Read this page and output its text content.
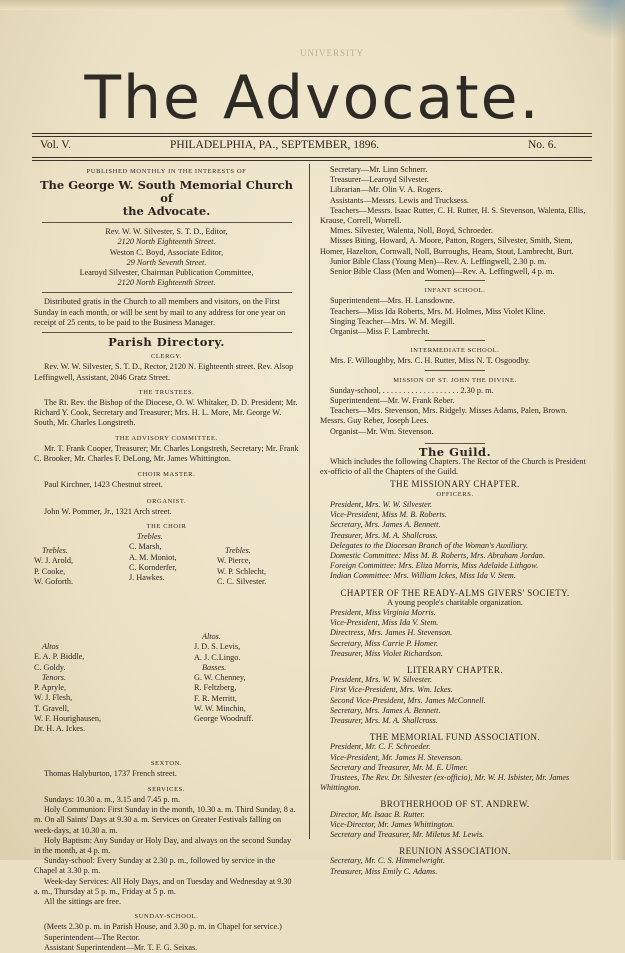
UNIVERSITY
The Advocate.
Vol. V.	PHILADELPHIA, PA., SEPTEMBER, 1896.	No. 6.
PUBLISHED MONTHLY IN THE INTERESTS OF
The George W. South Memorial Church of
the Advocate.
Rev. W. W. Silvester, S. T. D., Editor,
2120 North Eighteenth Street.
Weston C. Boyd, Associate Editor,
29 North Seventh Street.
Learoyd Silvester, Chairman Publication Committee,
2120 North Eighteenth Street.

Distributed gratis in the Church to all members and visitors, on the First Sunday in each month, or will be sent by mail to any address for one year on receipt of 25 cents, to be paid to the Business Manager.

Parish Directory.
CLERGY.

Rev. W. W. Silvester, S. T. D., Rector, 2120 N. Eighteenth street. Rev. Alsop Leffingwell, Assistant, 2046 Gratz Street.

THE TRUSTEES.

The Rt. Rev. the Bishop of the Diocese, O. W. Whitaker, D. D. President; Mr. Richard Y. Cook, Secretary and Treasurer; Mrs. H. L. More, Mr. George W. South, Mr. Charles Longstreth.

THE ADVISORY COMMITTEE.

Mr. T. Frank Cooper, Treasurer; Mr. Charles Longstreth, Secretary; Mr. Frank C. Brooker, Mr. Charles F. DeLong, Mr. James Whittington.

CHOIR MASTER.

Paul Kirchner, 1423 Chestnut street.

ORGANIST.

John W. Pommer, Jr., 1321 Arch street.

THE CHOIR
Trebles.
W. J. Arold,
P. Cooke,
W. Goforth.
Trebles.
C. Marsh,
A. M. Moniot,
C. Kornderfer,
J. Hawkes.
Trebles.
W. Pierce,
W. P. Schlecht,
C. C. Silvester.
Altos
E. A. P. Biddle,
C. Goldy.
Tenors.
P. Apryle,
W. J. Flesh,
T. Gravell,
W. F. Hourighausen,
Dr. H. A. Ickes.
Altos.
J. D. S. Levis,
A. J. C.Lingo.
Basses.
G. W. Chenney,
R. Feltzberg,
F. R. Merritt,
W. W. Minchin,
George Woodruff.
SEXTON.

Thomas Halyburton, 1737 French street.

SERVICES.

Sundays: 10.30 a. m., 3.15 and 7.45 p. m.

Holy Communion: First Sunday in the month, 10.30 a. m. Third Sunday, 8 a. m. On all Saints' Days at 9.30 a. m. Services on Greater Festivals falling on week-days, at 10.30 a. m.

Holy Baptism: Any Sunday or Holy Day, and always on the second Sunday in the month, at 4 p. m.

Sunday-school: Every Sunday at 2.30 p. m., followed by service in the Chapel at 3.30 p. m.

Week-day Services: All Holy Days, and on Tuesday and Wednesday at 9.30 a. m., Thursday at 5 p. m., Friday at 5 p. m.

All the sittings are free.

SUNDAY-SCHOOL.

(Meets 2.30 p. m. in Parish House, and 3.30 p. m. in Chapel for service.)

Superintendent—The Rector.

Assistant Superintendent—Mr. T. F. G. Seixas.

Secretary—Mr. Linn Schnerr.

Treasurer—Learoyd Silvester.

Librarian—Mr. Olin V. A. Rogers.

Assistants—Messrs. Lewis and Trucksess.

Teachers—Messrs. Isaac Rutter, C. H. Rutter, H. S. Stevenson, Walenta, Ellis, Krause, Correll, Worrell.

Mmes. Silvester, Walenta, Noll, Boyd, Schroeder.

Misses Biting, Howard, A. Moore, Patton, Rogers, Silvester, Smith, Stem, Homer, Hazelton, Cornwall, Noll, Burroughs, Hearn, Stout, Lambrecht, Burt.

Junior Bible Class (Young Men)—Rev. A. Leffingwell, 2.30 p. m.

Senior Bible Class (Men and Women)—Rev. A. Leffingwell, 4 p. m.

INFANT SCHOOL.

Superintendent—Mrs. H. Lansdowne.

Teachers—Miss Ida Roberts, Mrs. M. Holmes, Miss Violet Kline.

Singing Teacher—Mrs. W. M. Megill.

Organist—Miss F. Lambrecht.

INTERMEDIATE SCHOOL.

Mrs. F. Willoughby, Mrs. C. H. Rutter, Miss N. T. Osgoodby.

MISSION OF ST. JOHN THE DIVINE.

Sunday-school, . . . . . . . . . . . . . . . . . . . 2.30 p. m.

Superintendent—Mr. W. Frank Reber.

Teachers—Mrs. Stevenson, Mrs. Ridgely. Misses Adams, Palen, Brown. Messrs. Guy Reber, Joseph Lees.

Organist—Mr. Wm. Stevenson.

The Guild.

Which includes the following Chapters. The Rector of the Church is President ex-officio of all the Chapters of the Guild.

THE MISSIONARY CHAPTER.
OFFICERS.

President, Mrs. W. W. Silvester.

Vice-President, Miss M. B. Roberts.

Secretary, Mrs. James A. Bennett.

Treasurer, Mrs. M. A. Shallcross.

Delegates to the Diocesan Branch of the Woman's Auxiliary.

Domestic Committee: Miss M. B. Roberts, Mrs. Abraham Jordan.

Foreign Committee: Mrs. Eliza Morris, Miss Adelaide Lithgow.

Indian Committee: Mrs. William Ickes, Miss Ida V. Stem.

CHAPTER OF THE READY-ALMS GIVERS' SOCIETY.
A young people's charitable organization.

President, Miss Virginia Morris.

Vice-President, Miss Ida V. Stem.

Directress, Mrs. James H. Stevenson.

Secretary, Miss Carrie P. Homer.

Treasurer, Miss Violet Richardson.

LITERARY CHAPTER.

President, Mrs. W. W. Silvester.

First Vice-President, Mrs. Wm. Ickes.

Second Vice-President, Mrs. James McConnell.

Secretary, Mrs. James A. Bennett.

Treasurer, Mrs. M. A. Shallcross.

THE MEMORIAL FUND ASSOCIATION.

President, Mr. C. F. Schroeder.

Vice-President, Mr. James H. Stevenson.

Secretary and Treasurer, Mr. M. E. Ulmer.

Trustees, The Rev. Dr. Silvester (ex-officio), Mr. W. H. Isbister, Mr. James Whittington.

BROTHERHOOD OF ST. ANDREW.

Director, Mr. Isaac B. Rutter.

Vice-Director, Mr. James Whittington.

Secretary and Treasurer, Mr. Miletus M. Lewis.

REUNION ASSOCIATION.

Secretary, Mr. C. S. Himmelwright.

Treasurer, Miss Emily C. Adams.
